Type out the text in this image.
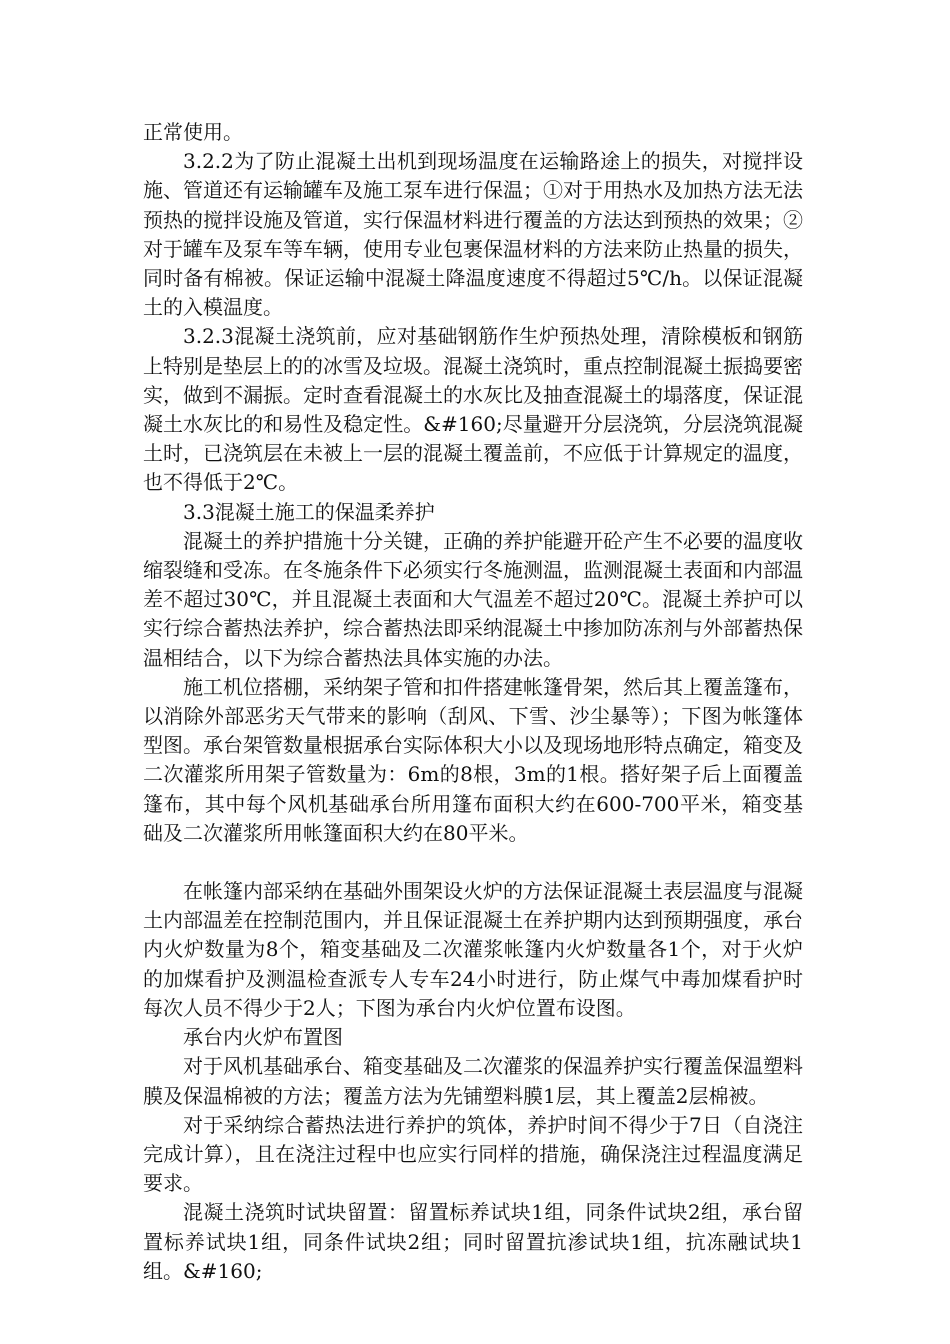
正常使用。

3.2.2为了防止混凝土出机到现场温度在运输路途上的损失，对搅拌设施、管道还有运输罐车及施工泵车进行保温；①对于用热水及加热方法无法预热的搅拌设施及管道，实行保温材料进行覆盖的方法达到预热的效果；②对于罐车及泵车等车辆，使用专业包裹保温材料的方法来防止热量的损失，同时备有棉被。保证运输中混凝土降温度速度不得超过5℃/h。以保证混凝土的入模温度。

3.2.3混凝土浇筑前，应对基础钢筋作生炉预热处理，清除模板和钢筋上特别是垫层上的的冰雪及垃圾。混凝土浇筑时，重点控制混凝土振捣要密实，做到不漏振。定时查看混凝土的水灰比及抽查混凝土的塌落度，保证混凝土水灰比的和易性及稳定性。&#160;尽量避开分层浇筑，分层浇筑混凝土时，已浇筑层在未被上一层的混凝土覆盖前，不应低于计算规定的温度，也不得低于2℃。

3.3混凝土施工的保温柔养护

混凝土的养护措施十分关键，正确的养护能避开砼产生不必要的温度收缩裂缝和受冻。在冬施条件下必须实行冬施测温，监测混凝土表面和内部温差不超过30℃，并且混凝土表面和大气温差不超过20℃。混凝土养护可以实行综合蓄热法养护，综合蓄热法即采纳混凝土中掺加防冻剂与外部蓄热保温相结合，以下为综合蓄热法具体实施的办法。

施工机位搭棚，采纳架子管和扣件搭建帐篷骨架，然后其上覆盖篷布，以消除外部恶劣天气带来的影响（刮风、下雪、沙尘暴等）；下图为帐篷体型图。承台架管数量根据承台实际体积大小以及现场地形特点确定，箱变及二次灌浆所用架子管数量为：6m的8根，3m的1根。搭好架子后上面覆盖篷布，其中每个风机基础承台所用篷布面积大约在600-700平米，箱变基础及二次灌浆所用帐篷面积大约在80平米。

在帐篷内部采纳在基础外围架设火炉的方法保证混凝土表层温度与混凝土内部温差在控制范围内，并且保证混凝土在养护期内达到预期强度，承台内火炉数量为8个，箱变基础及二次灌浆帐篷内火炉数量各1个，对于火炉的加煤看护及测温检查派专人专车24小时进行，防止煤气中毒加煤看护时每次人员不得少于2人；下图为承台内火炉位置布设图。

承台内火炉布置图

对于风机基础承台、箱变基础及二次灌浆的保温养护实行覆盖保温塑料膜及保温棉被的方法；覆盖方法为先铺塑料膜1层，其上覆盖2层棉被。

对于采纳综合蓄热法进行养护的筑体，养护时间不得少于7日（自浇注完成计算），且在浇注过程中也应实行同样的措施，确保浇注过程温度满足要求。

混凝土浇筑时试块留置：留置标养试块1组，同条件试块2组，承台留置标养试块1组，同条件试块2组；同时留置抗渗试块1组，抗冻融试块1组。&#160;
